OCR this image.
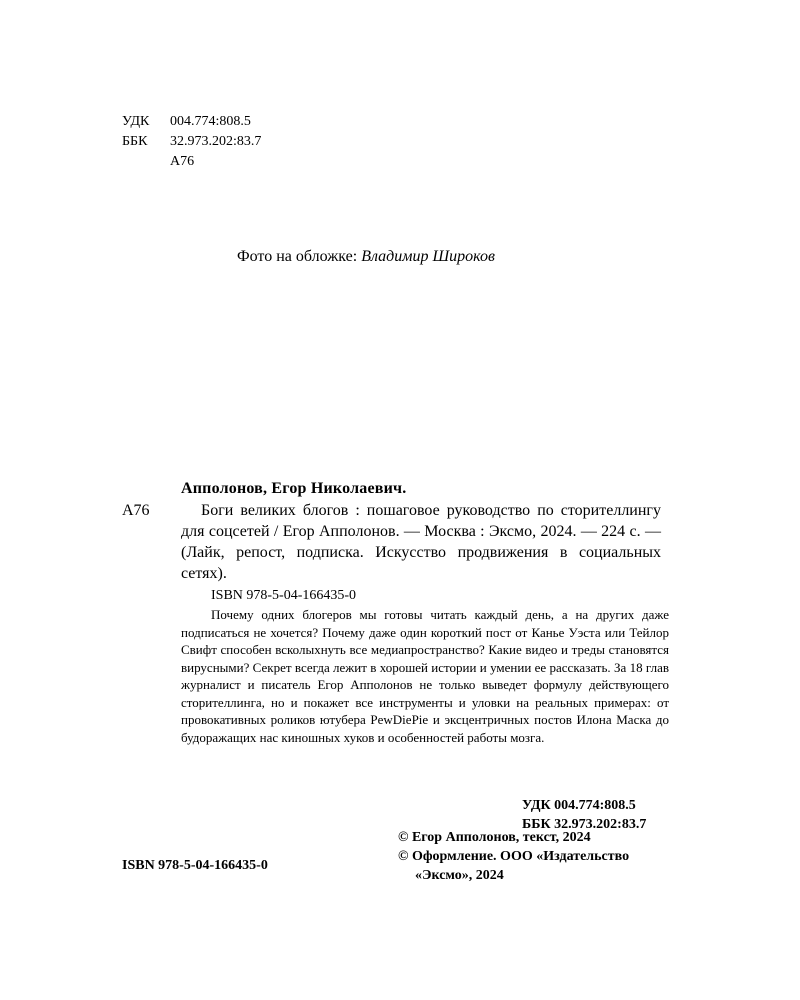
УДК 004.774:808.5
ББК 32.973.202:83.7
А76
Фото на обложке: Владимир Широков
Апполонов, Егор Николаевич.
А76	Боги великих блогов : пошаговое руководство по сторителлингу для соцсетей / Егор Апполонов. — Москва : Эксмо, 2024. — 224 с. — (Лайк, репост, подписка. Искусство продвижения в социальных сетях).
ISBN 978-5-04-166435-0
Почему одних блогеров мы готовы читать каждый день, а на других даже подписаться не хочется? Почему даже один короткий пост от Канье Уэста или Тейлор Свифт способен всколыхнуть все медиапространство? Какие видео и треды становятся вирусными? Секрет всегда лежит в хорошей истории и умении ее рассказать. За 18 глав журналист и писатель Егор Апполонов не только выведет формулу действующего сторителлинга, но и покажет все инструменты и уловки на реальных примерах: от провокативных роликов ютубера PewDiePie и эксцентричных постов Илона Маска до будоражащих нас киношных хуков и особенностей работы мозга.
УДК 004.774:808.5
ББК 32.973.202:83.7
© Егор Апполонов, текст, 2024
© Оформление. ООО «Издательство
«Эксмо», 2024
ISBN 978-5-04-166435-0
